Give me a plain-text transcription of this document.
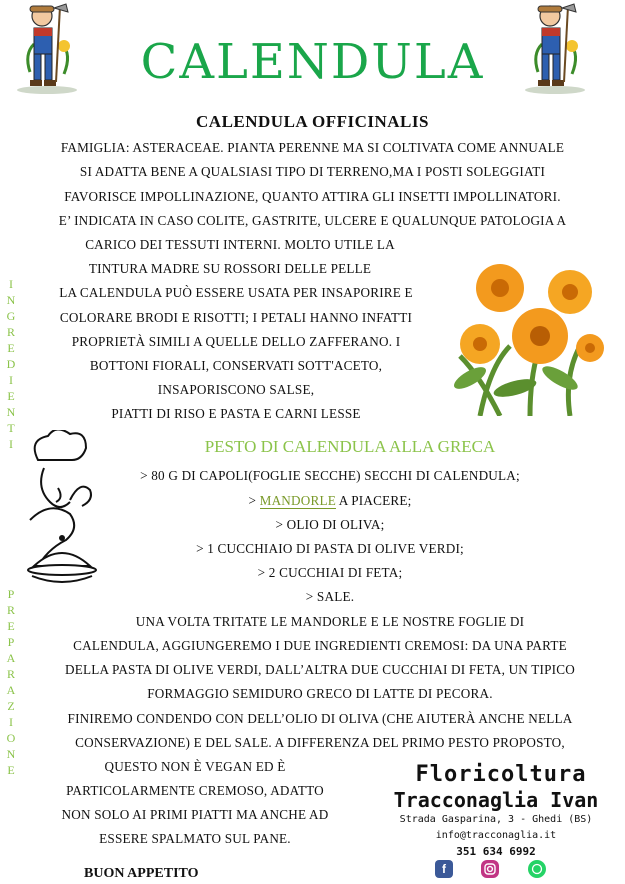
CALENDULA
CALENDULA OFFICINALIS
FAMIGLIA: ASTERACEAE. PIANTA PERENNE MA SI COLTIVATA COME ANNUALE
SI ADATTA BENE A QUALSIASI TIPO DI TERRENO,MA I POSTI SOLEGGIATI
FAVORISCE IMPOLLINAZIONE, QUANTO ATTIRA GLI INSETTI IMPOLLINATORI.
E’ INDICATA IN CASO COLITE, GASTRITE, ULCERE E QUALUNQUE PATOLOGIA A
CARICO DEI TESSUTI INTERNI. MOLTO UTILE LA
TINTURA MADRE SU ROSSORI DELLE PELLE
LA CALENDULA PUÒ ESSERE USATA PER INSAPORIRE E
COLORARE BRODI E RISOTTI; I PETALI HANNO INFATTI
PROPRIETÀ SIMILI A QUELLE DELLO ZAFFERANO. I
BOTTONI FIORALI, CONSERVATI SOTT'ACETO,
INSAPORISCONO SALSE,
PIATTI DI RISO E PASTA E CARNI LESSE
I
N
G
R
E
D
I
E
N
T
I
P
R
E
P
A
R
A
Z
I
O
N
E
PESTO DI CALENDULA ALLA GRECA
> 80 G DI CAPOLI(FOGLIE SECCHE) SECCHI DI CALENDULA;
> MANDORLE A PIACERE;
> OLIO DI OLIVA;
> 1 CUCCHIAIO DI PASTA DI OLIVE VERDI;
> 2 CUCCHIAI DI FETA;
> SALE.
UNA VOLTA TRITATE LE MANDORLE E LE NOSTRE FOGLIE DI
CALENDULA, AGGIUNGEREMO I DUE INGREDIENTI CREMOSI: DA UNA PARTE
DELLA PASTA DI OLIVE VERDI, DALL’ALTRA DUE CUCCHIAI DI FETA, UN TIPICO
FORMAGGIO SEMIDURO GRECO DI LATTE DI PECORA.
FINIREMO CONDENDO CON DELL’OLIO DI OLIVA (CHE AIUTERÀ ANCHE NELLA
CONSERVAZIONE) E DEL SALE. A DIFFERENZA DEL PRIMO PESTO PROPOSTO,
QUESTO NON È VEGAN ED È
PARTICOLARMENTE CREMOSO, ADATTO
NON SOLO AI PRIMI PIATTI MA ANCHE AD
ESSERE SPALMATO SUL PANE.
BUON APPETITO
Floricoltura
Tracconaglia Ivan
Strada Gasparina, 3 - Ghedi (BS)
info@tracconaglia.it
351 634 6992
f
